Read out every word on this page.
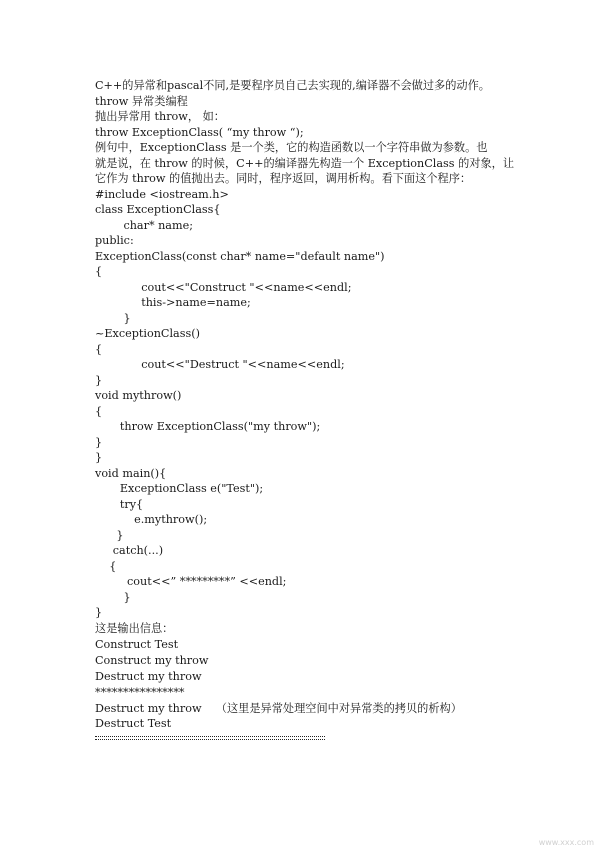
C++的异常和pascal不同,是要程序员自己去实现的,编译器不会做过多的动作。
throw 异常类编程
抛出异常用 throw， 如：
throw ExceptionClass( “my throw “);
例句中，ExceptionClass 是一个类，它的构造函数以一个字符串做为参数。也
就是说，在 throw 的时候，C++的编译器先构造一个 ExceptionClass 的对象，让
它作为 throw 的值抛出去。同时，程序返回，调用析构。看下面这个程序：
#include <iostream.h>
class ExceptionClass{
char* name;
public:
ExceptionClass(const char* name="default name")
{
cout<<"Construct "<<name<<endl;
this->name=name;
}
~ExceptionClass()
{
cout<<"Destruct "<<name<<endl;
}
void mythrow()
{
throw ExceptionClass("my throw");
}
}
void main(){
ExceptionClass e("Test");
try{
e.mythrow();
}
catch(...)
{
cout<<” *********” <<endl;
}
}
这是输出信息：
Construct Test
Construct my throw
Destruct my throw
****************
Destruct my throw    （这里是异常处理空间中对异常类的拷贝的析构）
Destruct Test
www.xxx.com
